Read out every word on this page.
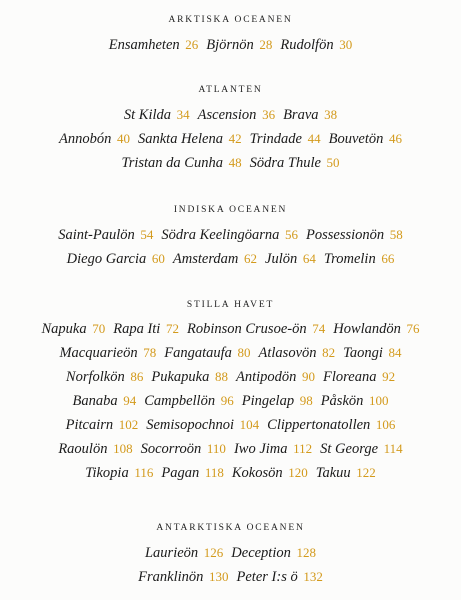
ARKTISKA OCEANEN
Ensamheten 26 Björnön 28 Rudolfön 30
ATLANTEN
St Kilda 34 Ascension 36 Brava 38
Annobón 40 Sankta Helena 42 Trindade 44 Bouvetön 46
Tristan da Cunha 48 Södra Thule 50
INDISKA OCEANEN
Saint-Paulön 54 Södra Keelingöarna 56 Possessionön 58
Diego Garcia 60 Amsterdam 62 Julön 64 Tromelin 66
STILLA HAVET
Napuka 70 Rapa Iti 72 Robinson Crusoe-ön 74 Howlandön 76
Macquarieön 78 Fangataufa 80 Atlasovön 82 Taongi 84
Norfolkön 86 Pukapuka 88 Antipodön 90 Floreana 92
Banaba 94 Campbellön 96 Pingelap 98 Påskön 100
Pitcairn 102 Semisopochnoi 104 Clippertonatollen 106
Raoulön 108 Socorroön 110 Iwo Jima 112 St George 114
Tikopia 116 Pagan 118 Kokosön 120 Takuu 122
ANTARKTISKA OCEANEN
Laurieön 126 Deception 128
Franklinön 130 Peter I:s ö 132
